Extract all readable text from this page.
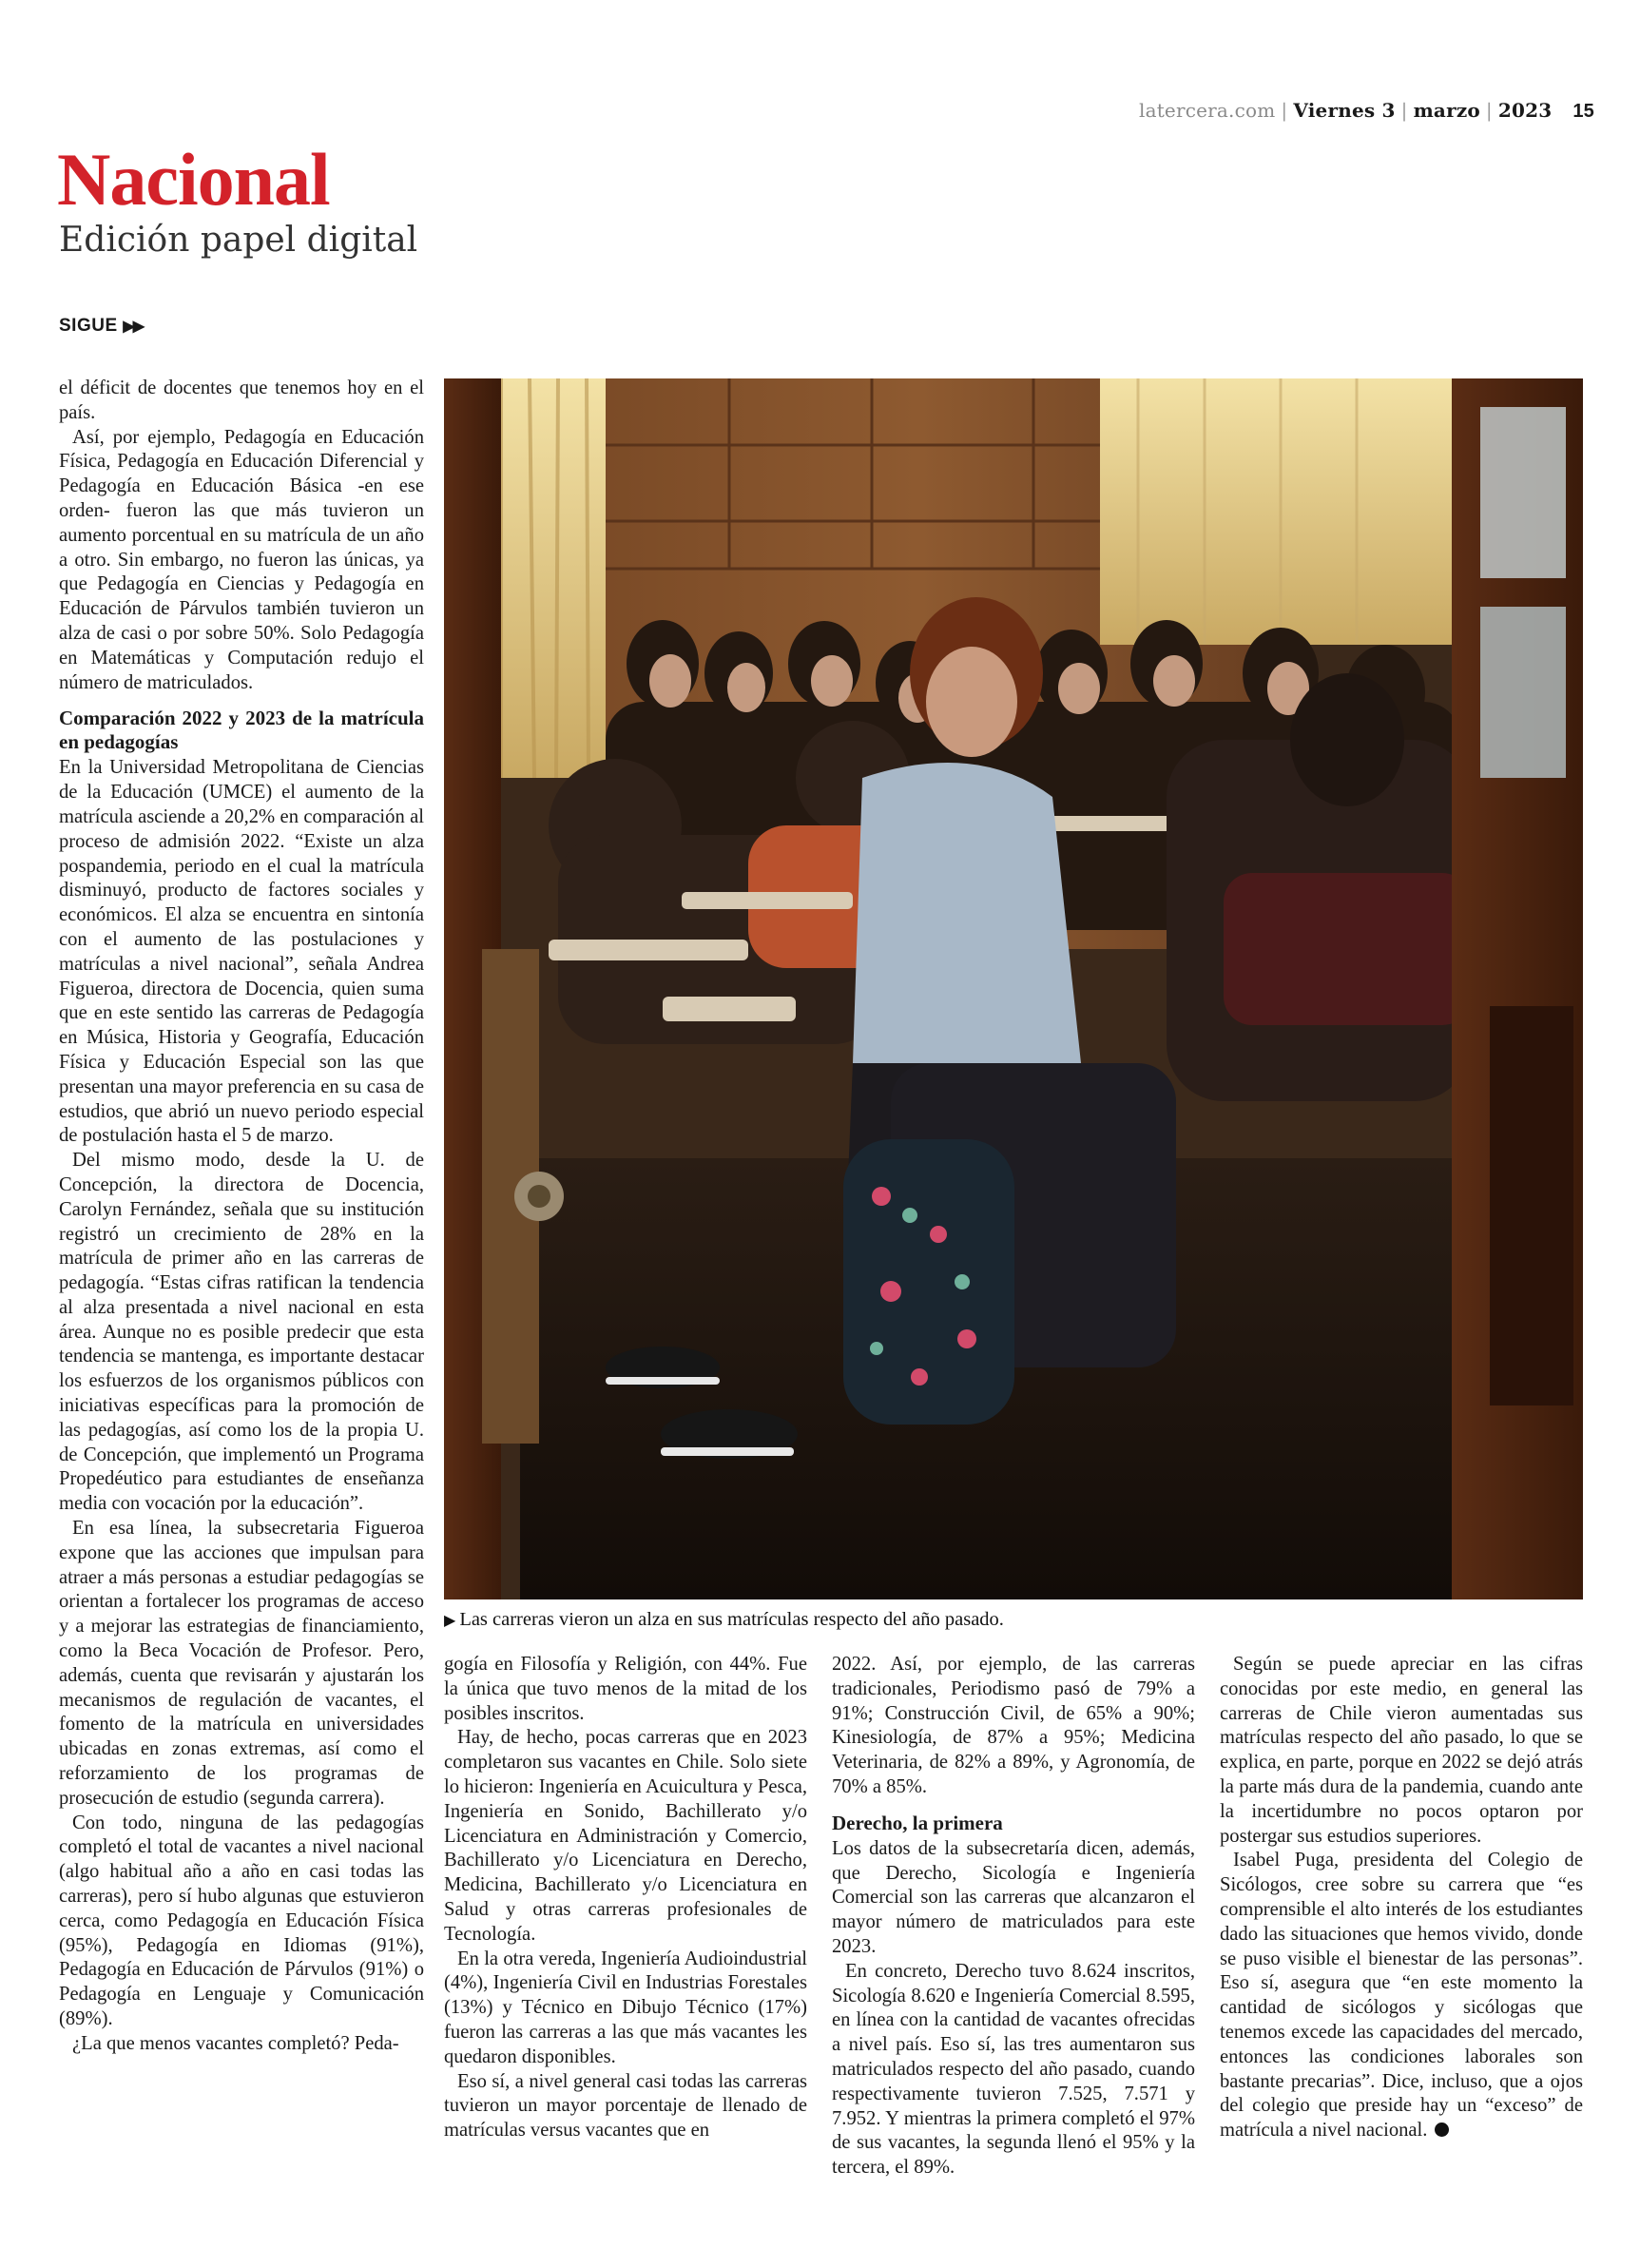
latercera.com | Viernes 3 | marzo | 2023 15
Nacional
Edición papel digital
SIGUE ▶▶

el déficit de docentes que tenemos hoy en el país.

Así, por ejemplo, Pedagogía en Educación Física, Pedagogía en Educación Diferencial y Pedagogía en Educación Básica -en ese orden- fueron las que más tuvieron un aumento porcentual en su matrícula de un año a otro. Sin embargo, no fueron las únicas, ya que Pedagogía en Ciencias y Pedagogía en Educación de Párvulos también tuvieron un alza de casi o por sobre 50%. Solo Pedagogía en Matemáticas y Computación redujo el número de matriculados.

Comparación 2022 y 2023 de la matrícula en pedagogías

En la Universidad Metropolitana de Ciencias de la Educación (UMCE) el aumento de la matrícula asciende a 20,2% en comparación al proceso de admisión 2022. “Existe un alza pospandemia, periodo en el cual la matrícula disminuyó, producto de factores sociales y económicos. El alza se encuentra en sintonía con el aumento de las postulaciones y matrículas a nivel nacional”, señala Andrea Figueroa, directora de Docencia, quien suma que en este sentido las carreras de Pedagogía en Música, Historia y Geografía, Educación Física y Educación Especial son las que presentan una mayor preferencia en su casa de estudios, que abrió un nuevo periodo especial de postulación hasta el 5 de marzo.

Del mismo modo, desde la U. de Concepción, la directora de Docencia, Carolyn Fernández, señala que su institución registró un crecimiento de 28% en la matrícula de primer año en las carreras de pedagogía. “Estas cifras ratifican la tendencia al alza presentada a nivel nacional en esta área. Aunque no es posible predecir que esta tendencia se mantenga, es importante destacar los esfuerzos de los organismos públicos con iniciativas específicas para la promoción de las pedagogías, así como los de la propia U. de Concepción, que implementó un Programa Propedéutico para estudiantes de enseñanza media con vocación por la educación”.

En esa línea, la subsecretaria Figueroa expone que las acciones que impulsan para atraer a más personas a estudiar pedagogías se orientan a fortalecer los programas de acceso y a mejorar las estrategias de financiamiento, como la Beca Vocación de Profesor. Pero, además, cuenta que revisarán y ajustarán los mecanismos de regulación de vacantes, el fomento de la matrícula en universidades ubicadas en zonas extremas, así como el reforzamiento de los programas de prosecución de estudio (segunda carrera).

Con todo, ninguna de las pedagogías completó el total de vacantes a nivel nacional (algo habitual año a año en casi todas las carreras), pero sí hubo algunas que estuvieron cerca, como Pedagogía en Educación Física (95%), Pedagogía en Idiomas (91%), Pedagogía en Educación de Párvulos (91%) o Pedagogía en Lenguaje y Comunicación (89%).

¿La que menos vacantes completó? Peda-

▶ Las carreras vieron un alza en sus matrículas respecto del año pasado.

gogía en Filosofía y Religión, con 44%. Fue la única que tuvo menos de la mitad de los posibles inscritos.

Hay, de hecho, pocas carreras que en 2023 completaron sus vacantes en Chile. Solo siete lo hicieron: Ingeniería en Acuicultura y Pesca, Ingeniería en Sonido, Bachillerato y/o Licenciatura en Administración y Comercio, Bachillerato y/o Licenciatura en Derecho, Medicina, Bachillerato y/o Licenciatura en Salud y otras carreras profesionales de Tecnología.

En la otra vereda, Ingeniería Audioindustrial (4%), Ingeniería Civil en Industrias Forestales (13%) y Técnico en Dibujo Técnico (17%) fueron las carreras a las que más vacantes les quedaron disponibles.

Eso sí, a nivel general casi todas las carreras tuvieron un mayor porcentaje de llenado de matrículas versus vacantes que en

2022. Así, por ejemplo, de las carreras tradicionales, Periodismo pasó de 79% a 91%; Construcción Civil, de 65% a 90%; Kinesiología, de 87% a 95%; Medicina Veterinaria, de 82% a 89%, y Agronomía, de 70% a 85%.

Derecho, la primera

Los datos de la subsecretaría dicen, además, que Derecho, Sicología e Ingeniería Comercial son las carreras que alcanzaron el mayor número de matriculados para este 2023.

En concreto, Derecho tuvo 8.624 inscritos, Sicología 8.620 e Ingeniería Comercial 8.595, en línea con la cantidad de vacantes ofrecidas a nivel país. Eso sí, las tres aumentaron sus matriculados respecto del año pasado, cuando respectivamente tuvieron 7.525, 7.571 y 7.952. Y mientras la primera completó el 97% de sus vacantes, la segunda llenó el 95% y la tercera, el 89%.

Según se puede apreciar en las cifras conocidas por este medio, en general las carreras de Chile vieron aumentadas sus matrículas respecto del año pasado, lo que se explica, en parte, porque en 2022 se dejó atrás la parte más dura de la pandemia, cuando ante la incertidumbre no pocos optaron por postergar sus estudios superiores.

Isabel Puga, presidenta del Colegio de Sicólogos, cree sobre su carrera que “es comprensible el alto interés de los estudiantes dado las situaciones que hemos vivido, donde se puso visible el bienestar de las personas”. Eso sí, asegura que “en este momento la cantidad de sicólogos y sicólogas que tenemos excede las capacidades del mercado, entonces las condiciones laborales son bastante precarias”. Dice, incluso, que a ojos del colegio que preside hay un “exceso” de matrícula a nivel nacional.
